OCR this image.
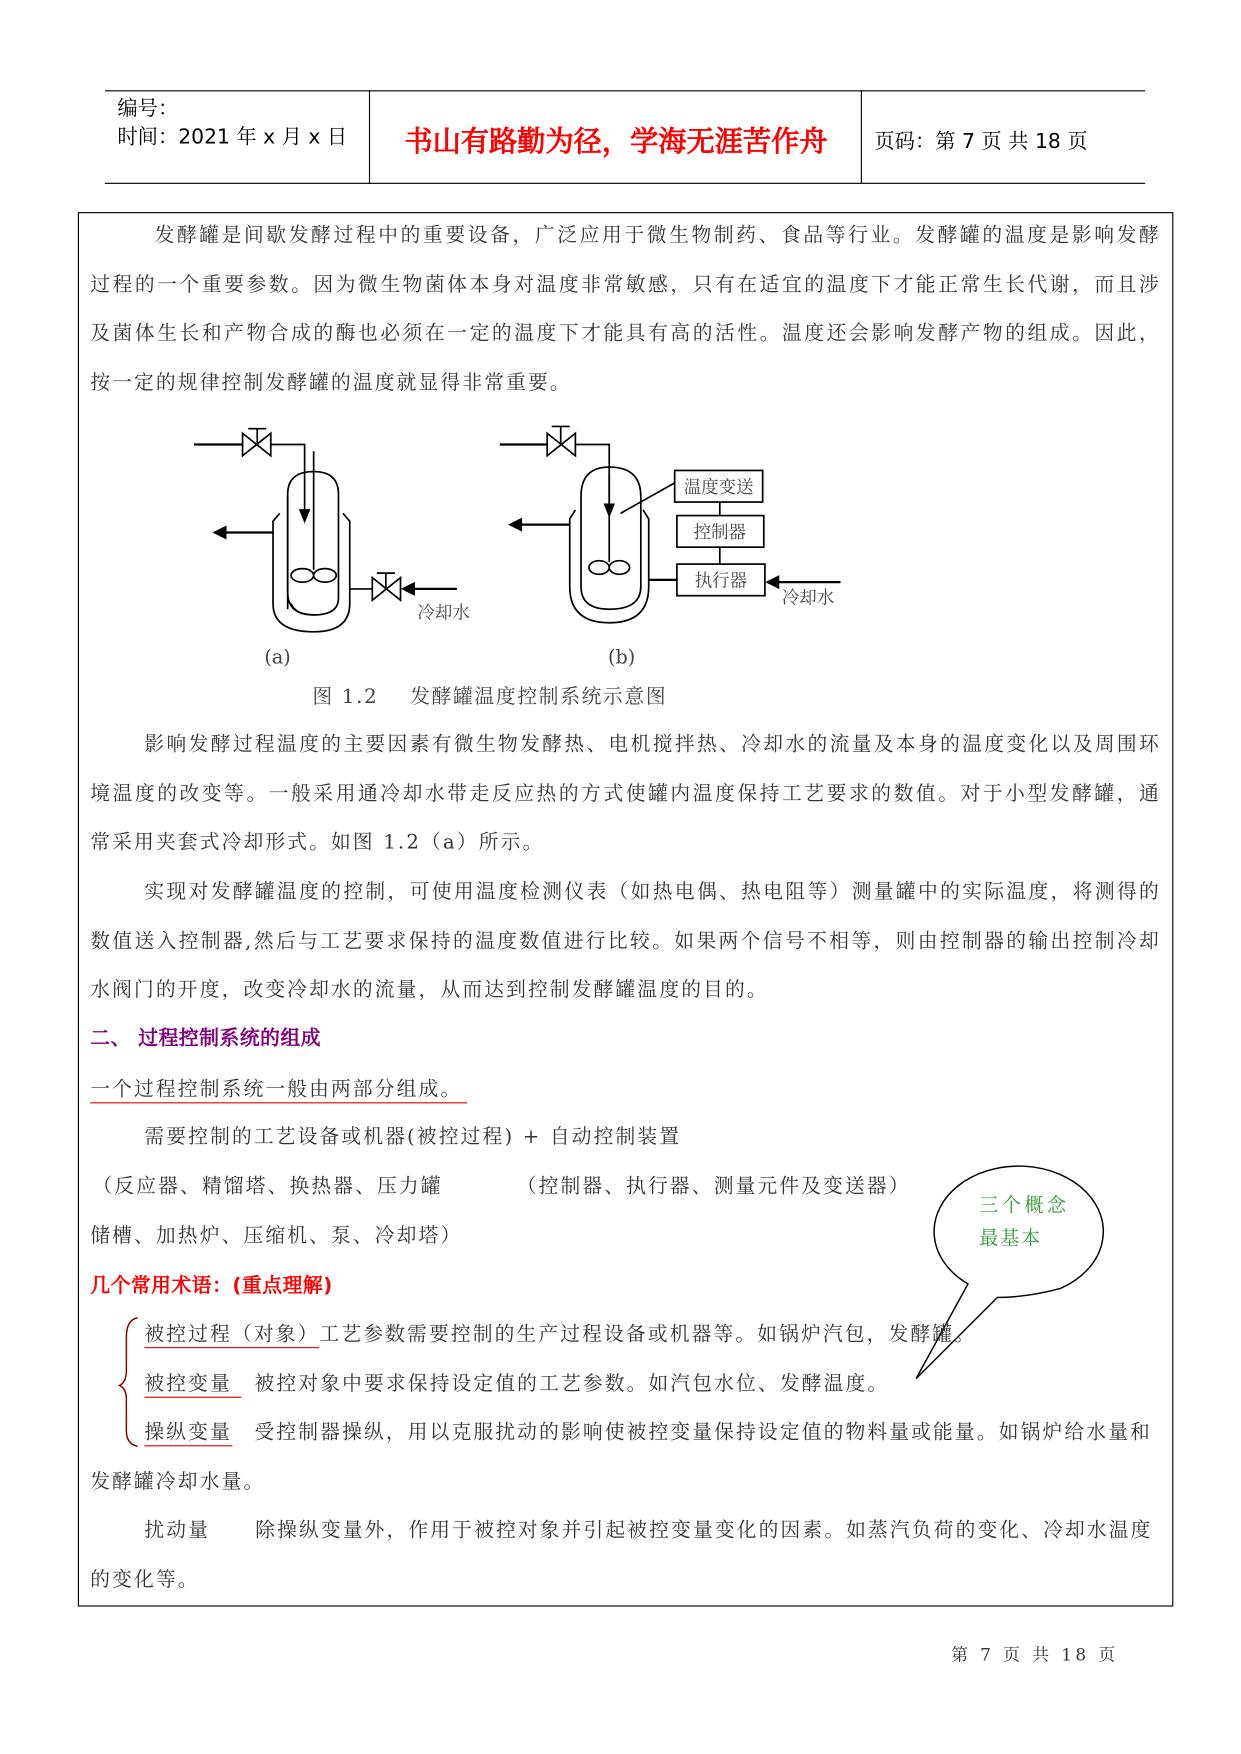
编号：
时间：2021 年 x 月 x 日	书山有路勤为径，学海无涯苦作舟	页码：第 7 页 共 18 页
发酵罐是间歇发酵过程中的重要设备，广泛应用于微生物制药、食品等行业。发酵罐的温度是影响发酵过程的一个重要参数。因为微生物菌体本身对温度非常敏感，只有在适宜的温度下才能正常生长代谢，而且涉及菌体生长和产物合成的酶也必须在一定的温度下才能具有高的活性。温度还会影响发酵产物的组成。因此，按一定的规律控制发酵罐的温度就显得非常重要。
温度变送
控制器
执行器
冷却水
冷却水
(a)	(b)
图 1.2    发酵罐温度控制系统示意图
三个概念
最基本
影响发酵过程温度的主要因素有微生物发酵热、电机搅拌热、冷却水的流量及本身的温度变化以及周围环境温度的改变等。一般采用通冷却水带走反应热的方式使罐内温度保持工艺要求的数值。对于小型发酵罐，通常采用夹套式冷却形式。如图 1.2（a）所示。
实现对发酵罐温度的控制，可使用温度检测仪表（如热电偶、热电阻等）测量罐中的实际温度，将测得的数值送入控制器,然后与工艺要求保持的温度数值进行比较。如果两个信号不相等，则由控制器的输出控制冷却水阀门的开度，改变冷却水的流量，从而达到控制发酵罐温度的目的。
二、 过程控制系统的组成
一个过程控制系统一般由两部分组成。
需要控制的工艺设备或机器(被控过程) + 自动控制装置
（反应器、精馏塔、换热器、压力罐	（控制器、执行器、测量元件及变送器）
储槽、加热炉、压缩机、泵、冷却塔）
几个常用术语：(重点理解)
被控过程（对象）工艺参数需要控制的生产过程设备或机器等。如锅炉汽包，发酵罐。
被控变量 被控对象中要求保持设定值的工艺参数。如汽包水位、发酵温度。
操纵变量 受控制器操纵，用以克服扰动的影响使被控变量保持设定值的物料量或能量。如锅炉给水量和
发酵罐冷却水量。
扰动量	除操纵变量外，作用于被控对象并引起被控变量变化的因素。如蒸汽负荷的变化、冷却水温度
的变化等。
第 7 页 共 18 页
